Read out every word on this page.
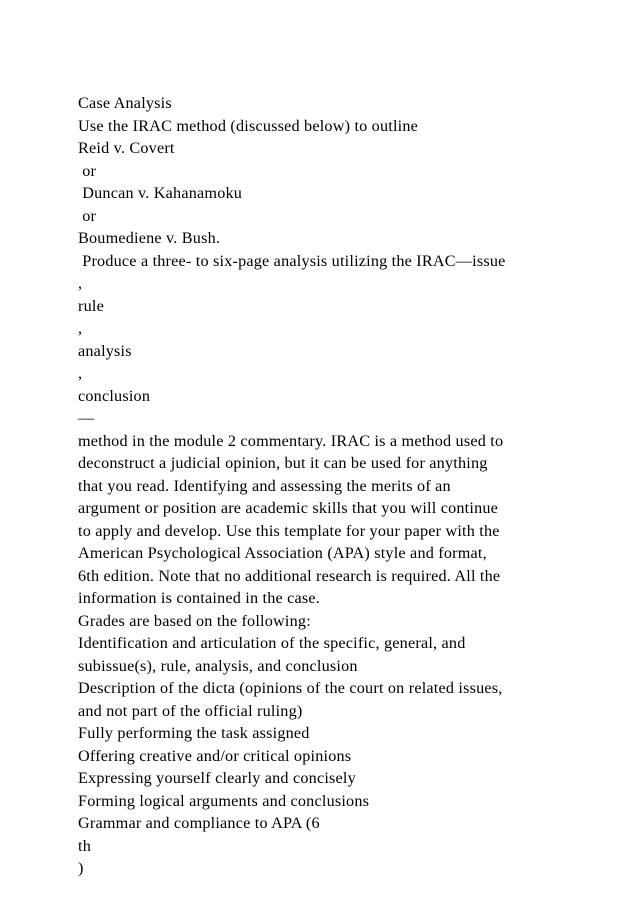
Case Analysis
Use the IRAC method (discussed below) to outline
Reid v. Covert
or
Duncan v. Kahanamoku
or
Boumediene v. Bush.
Produce a three- to six-page analysis utilizing the IRAC—issue
,
rule
,
analysis
,
conclusion
—
method in the module 2 commentary. IRAC is a method used to
deconstruct a judicial opinion, but it can be used for anything
that you read. Identifying and assessing the merits of an
argument or position are academic skills that you will continue
to apply and develop. Use this template for your paper with the
American Psychological Association (APA) style and format,
6th edition. Note that no additional research is required. All the
information is contained in the case.
Grades are based on the following:
Identification and articulation of the specific, general, and
subissue(s), rule, analysis, and conclusion
Description of the dicta (opinions of the court on related issues,
and not part of the official ruling)
Fully performing the task assigned
Offering creative and/or critical opinions
Expressing yourself clearly and concisely
Forming logical arguments and conclusions
Grammar and compliance to APA (6
th
)
